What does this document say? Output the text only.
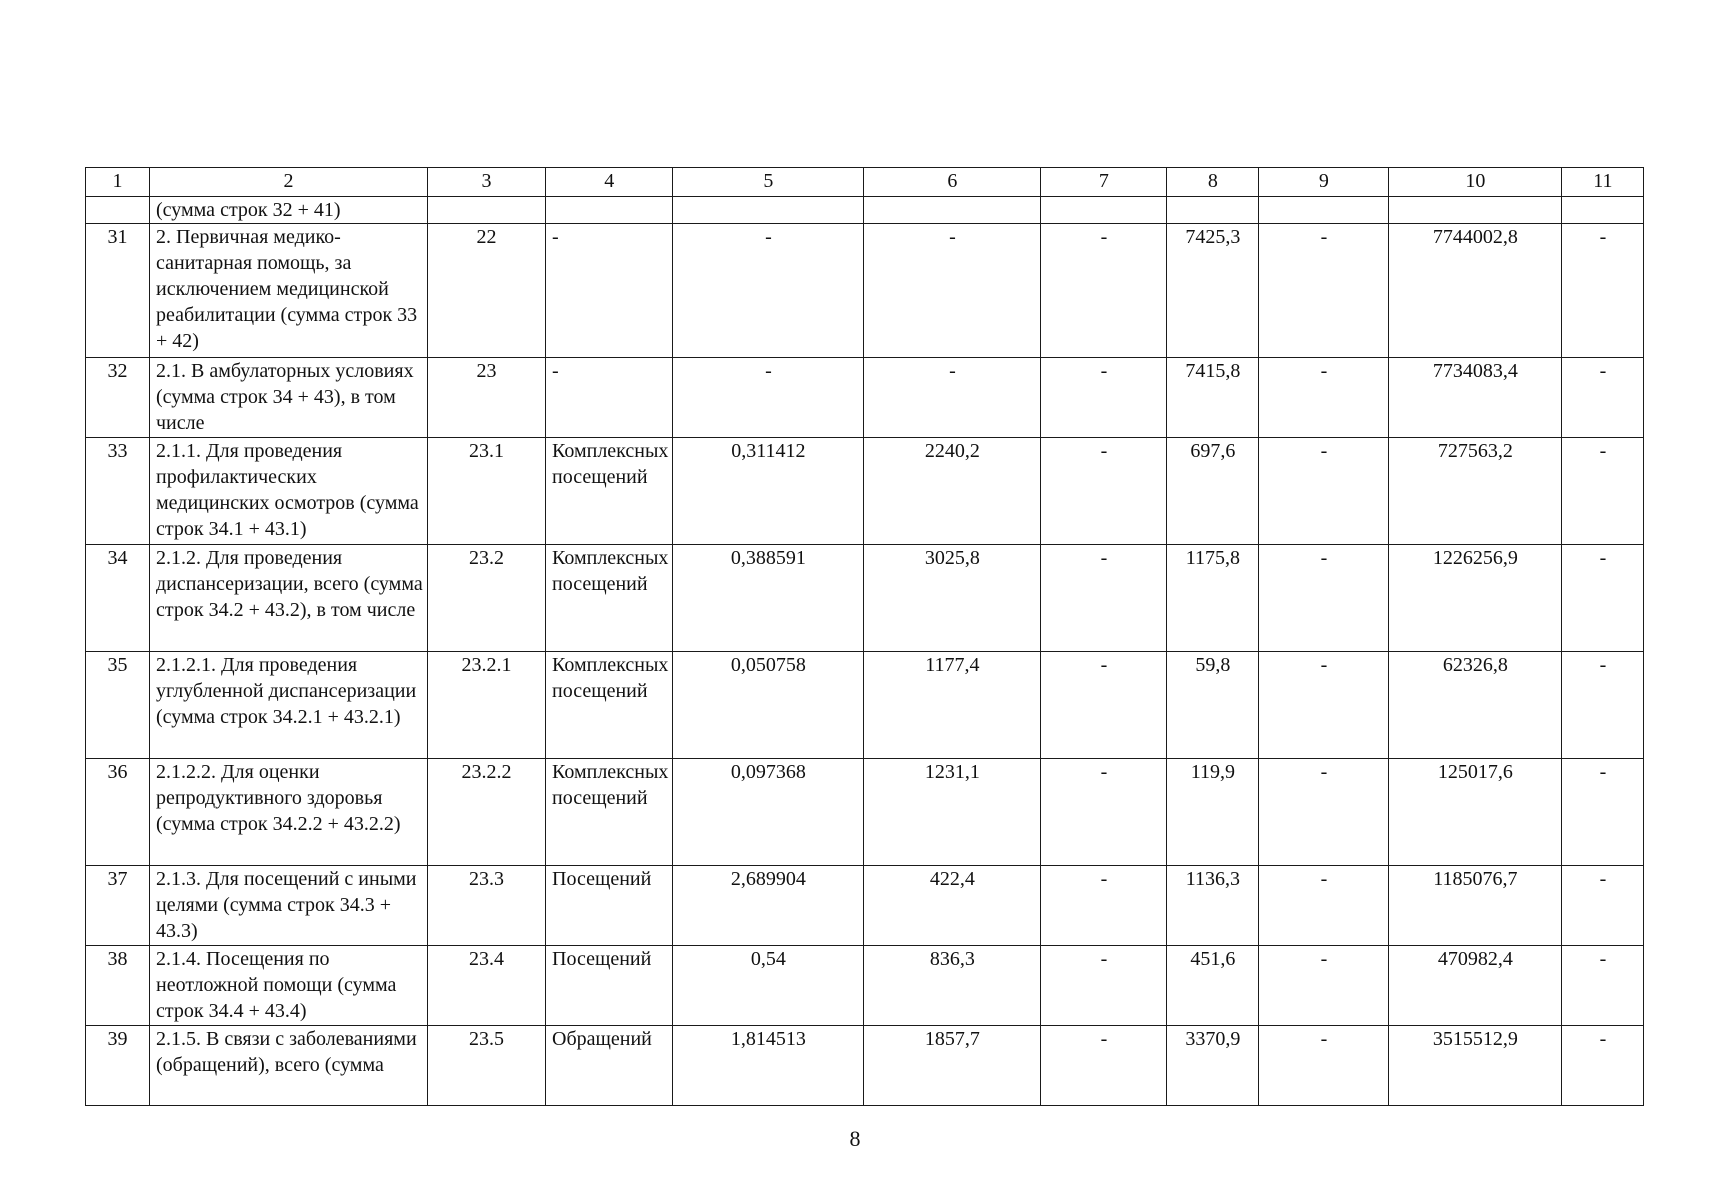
1	2	3	4	5	6	7	8	9	10	11
	(сумма строк 32 + 41)									
31	2. Первичная медико-санитарная помощь, за исключением медицинской реабилитации (сумма строк 33 + 42)	22	-	-	-	-	7425,3	-	7744002,8	-
32	2.1. В амбулаторных условиях (сумма строк 34 + 43), в том числе	23	-	-	-	-	7415,8	-	7734083,4	-
33	2.1.1. Для проведения профилактических медицинских осмотров (сумма строк 34.1 + 43.1)	23.1	Комплексных посещений	0,311412	2240,2	-	697,6	-	727563,2	-
34	2.1.2. Для проведения диспансеризации, всего (сумма строк 34.2 + 43.2), в том числе	23.2	Комплексных посещений	0,388591	3025,8	-	1175,8	-	1226256,9	-
35	2.1.2.1. Для проведения углубленной диспансеризации (сумма строк 34.2.1 + 43.2.1)	23.2.1	Комплексных посещений	0,050758	1177,4	-	59,8	-	62326,8	-
36	2.1.2.2. Для оценки репродуктивного здоровья (сумма строк 34.2.2 + 43.2.2)	23.2.2	Комплексных посещений	0,097368	1231,1	-	119,9	-	125017,6	-
37	2.1.3. Для посещений с иными целями (сумма строк 34.3 + 43.3)	23.3	Посещений	2,689904	422,4	-	1136,3	-	1185076,7	-
38	2.1.4. Посещения по неотложной помощи (сумма строк 34.4 + 43.4)	23.4	Посещений	0,54	836,3	-	451,6	-	470982,4	-
39	2.1.5. В связи с заболеваниями (обращений), всего (сумма	23.5	Обращений	1,814513	1857,7	-	3370,9	-	3515512,9	-
8
